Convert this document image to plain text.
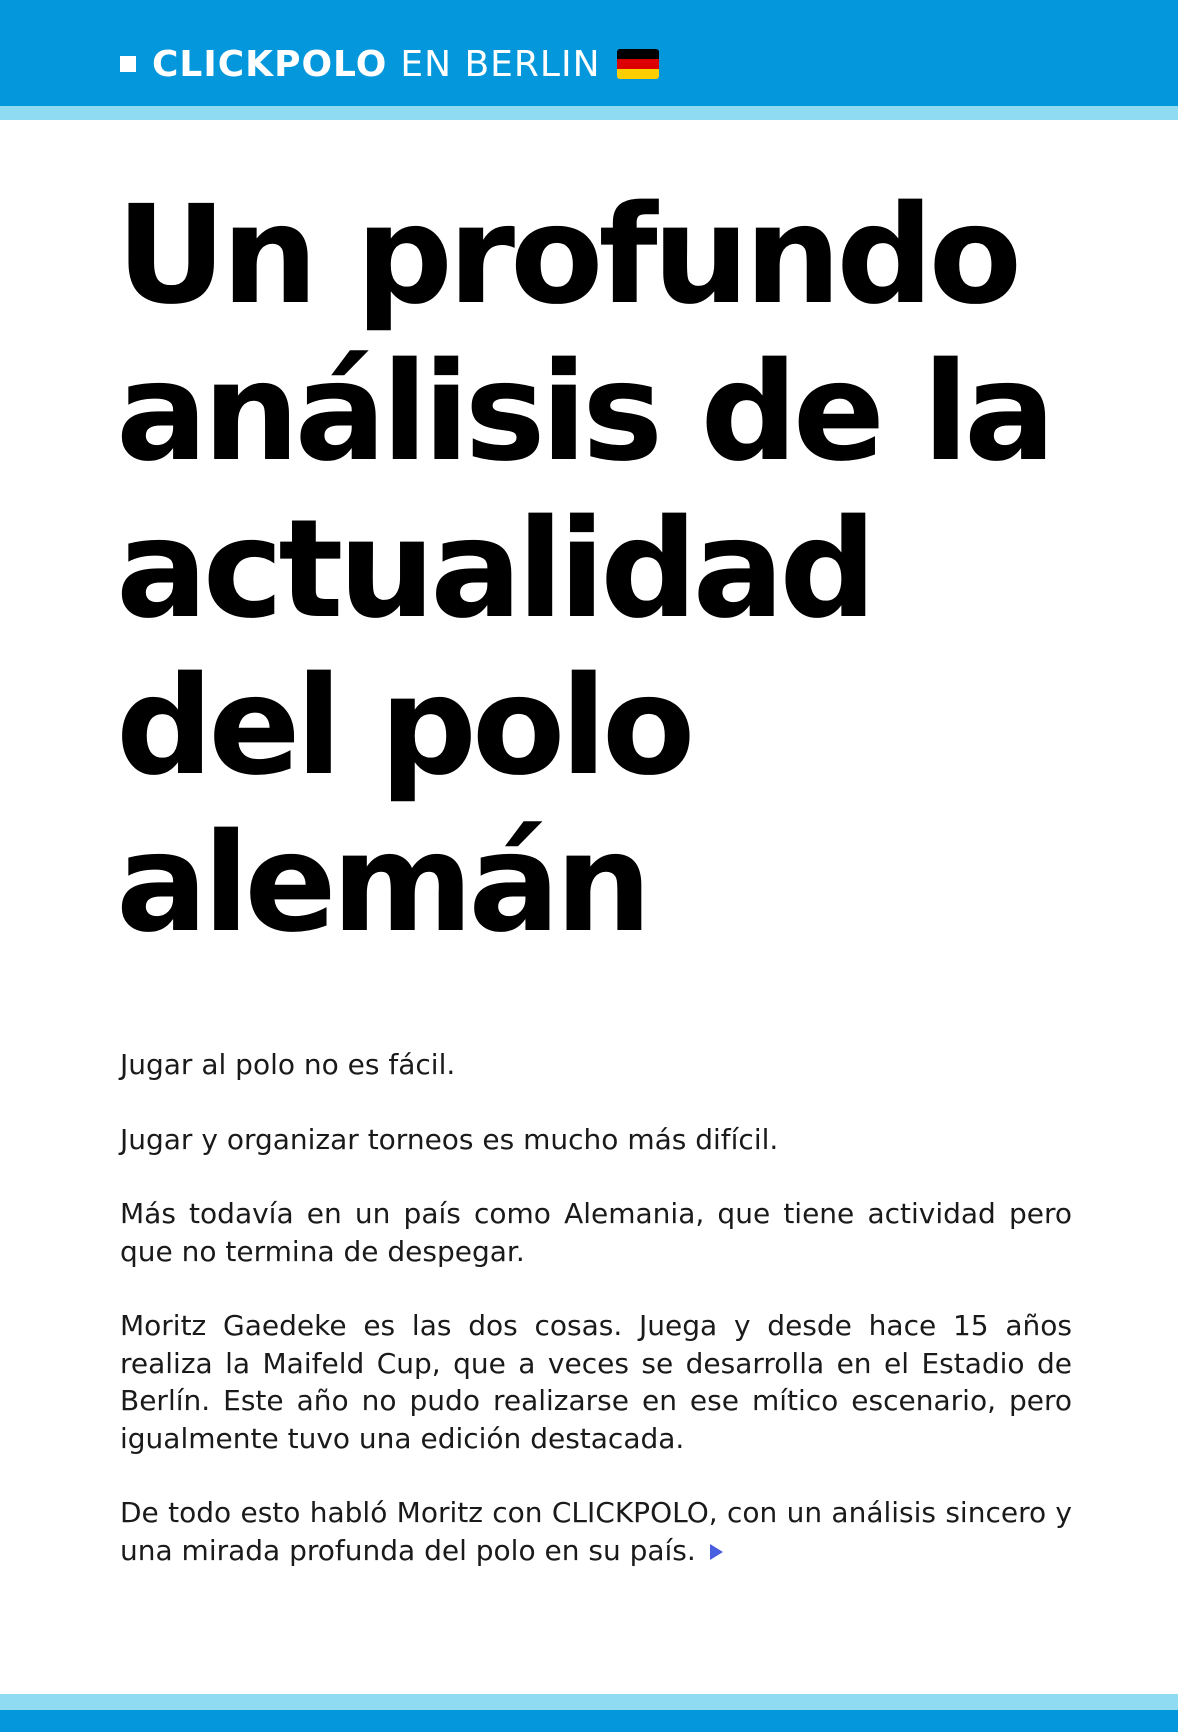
CLICKPOLO EN BERLIN
Un profundo
análisis de la
actualidad
del polo
alemán

Jugar al polo no es fácil.

Jugar y organizar torneos es mucho más difícil.

Más todavía en un país como Alemania, que tiene actividad pero que no termina de despegar.

Moritz Gaedeke es las dos cosas. Juega y desde hace 15 años realiza la Maifeld Cup, que a veces se desarrolla en el Estadio de Berlín. Este año no pudo realizarse en ese mítico escenario, pero igualmente tuvo una edición destacada.

De todo esto habló Moritz con CLICKPOLO, con un análisis sincero y una mirada profunda del polo en su país.
